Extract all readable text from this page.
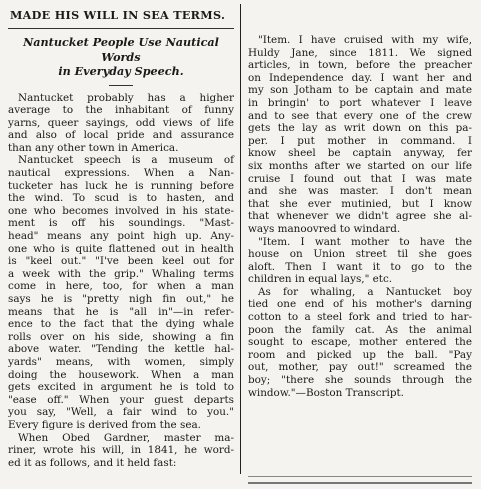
MADE HIS WILL IN SEA TERMS.
Nantucket People Use Nautical Words
in Everyday Speech.

Nantucket probably has a higher
average to the inhabitant of funny
yarns, queer sayings, odd views of life
and also of local pride and assurance
than any other town in America.

Nantucket speech is a museum of
nautical expressions. When a Nan-
tucketer has luck he is running before
the wind. To scud is to hasten, and
one who becomes involved in his state-
ment is off his soundings. "Mast-
head" means any point high up. Any-
one who is quite flattened out in health
is "keel out." "I've been keel out for
a week with the grip." Whaling terms
come in here, too, for when a man
says he is "pretty nigh fin out," he
means that he is "all in"—in refer-
ence to the fact that the dying whale
rolls over on his side, showing a fin
above water. "Tending the kettle hal-
yards" means, with women, simply
doing the housework. When a man
gets excited in argument he is told to
"ease off." When your guest departs
you say, "Well, a fair wind to you."
Every figure is derived from the sea.

When Obed Gardner, master ma-
riner, wrote his will, in 1841, he word-
ed it as follows, and it held fast:

"Item. I have cruised with my wife,
Huldy Jane, since 1811. We signed
articles, in town, before the preacher
on Independence day. I want her and
my son Jotham to be captain and mate
in bringin' to port whatever I leave
and to see that every one of the crew
gets the lay as writ down on this pa-
per. I put mother in command. I
know sheel be captain anyway, fer
six months after we started on our life
cruise I found out that I was mate
and she was master. I don't mean
that she ever mutinied, but I know
that whenever we didn't agree she al-
ways manoovred to windard.

"Item. I want mother to have the
house on Union street til she goes
aloft. Then I want it to go to the
children in equal lays," etc.

As for whaling, a Nantucket boy
tied one end of his mother's darning
cotton to a steel fork and tried to har-
poon the family cat. As the animal
sought to escape, mother entered the
room and picked up the ball. "Pay
out, mother, pay out!" screamed the
boy; "there she sounds through the
window."—Boston Transcript.
